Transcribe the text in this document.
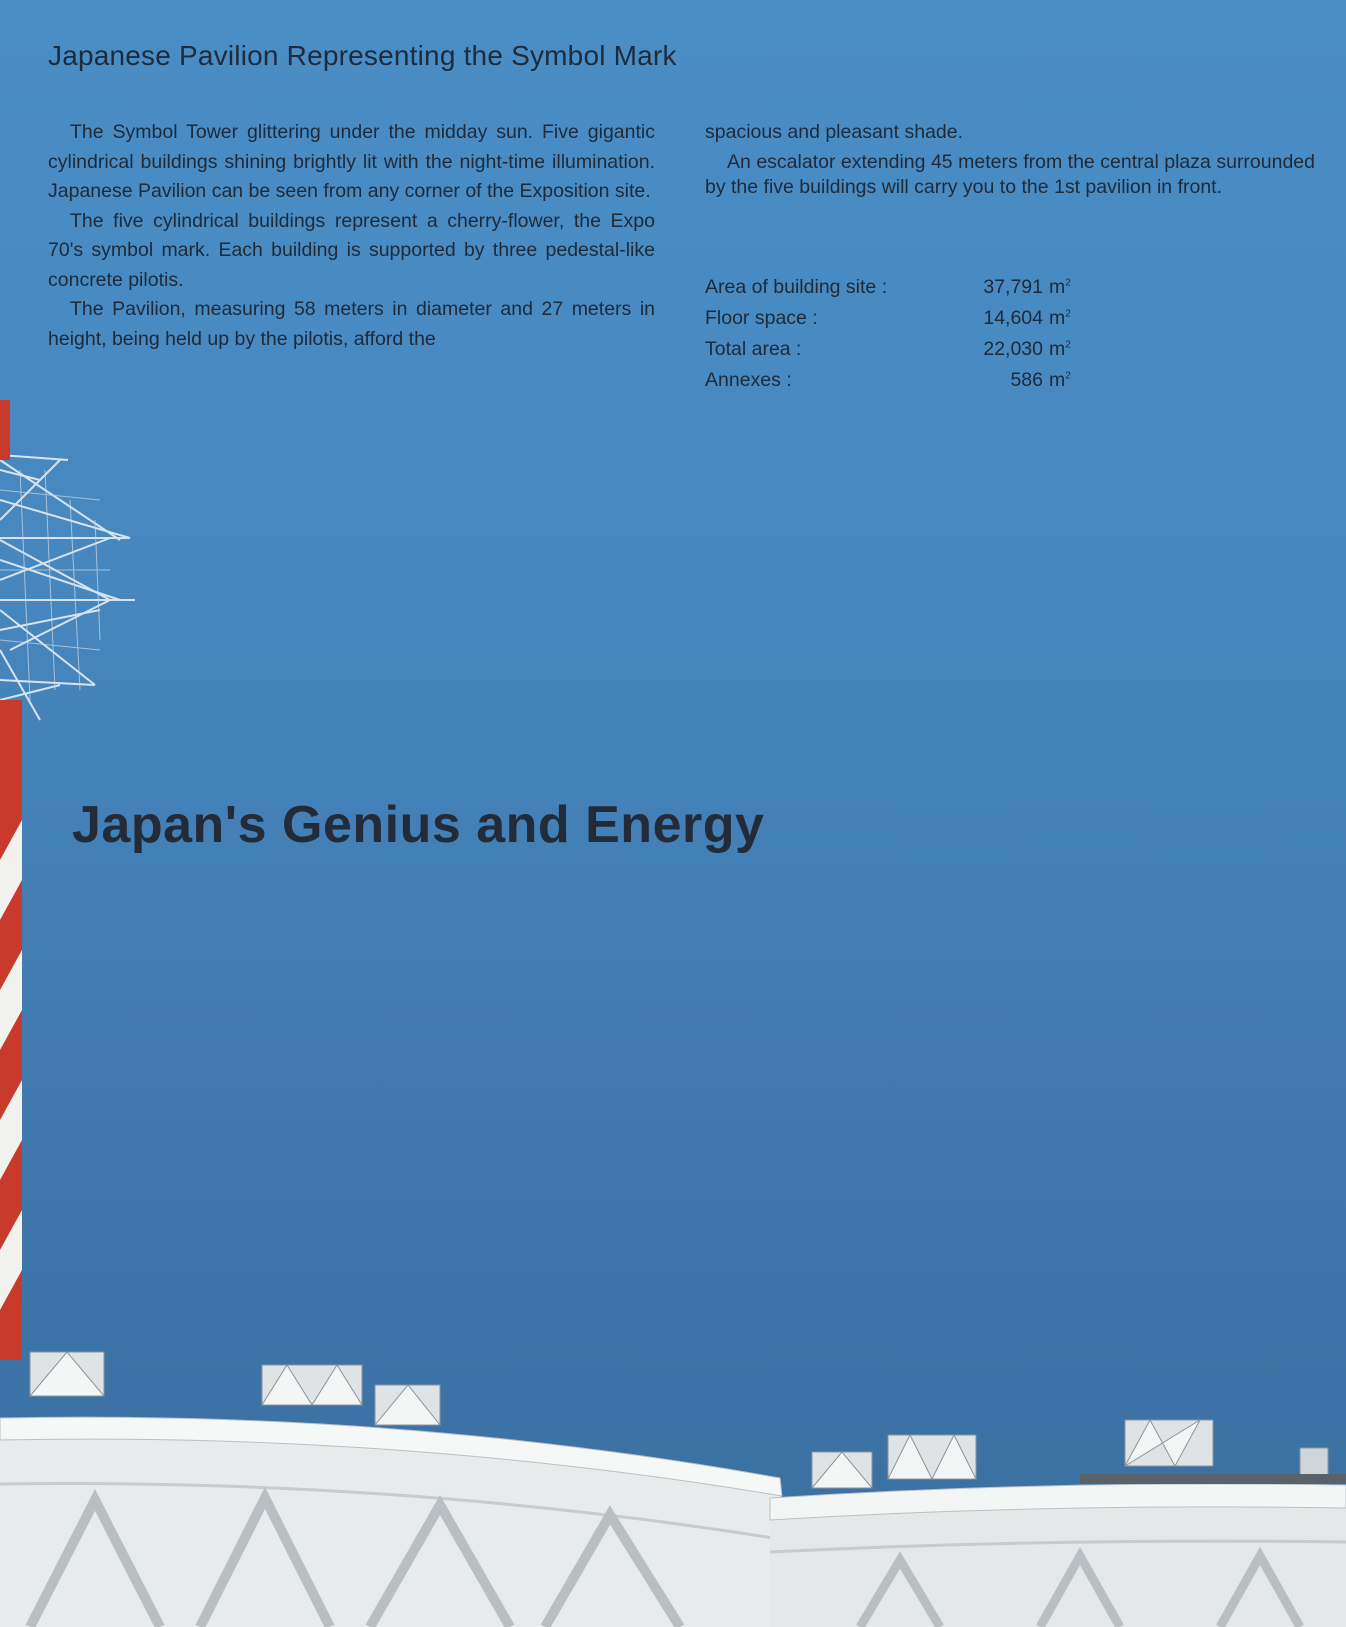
Japanese Pavilion Representing the Symbol Mark

The Symbol Tower glittering under the midday sun. Five gigantic cylindrical buildings shining brightly lit with the night-time illumination. Japanese Pavilion can be seen from any corner of the Exposition site.

The five cylindrical buildings represent a cherry-flower, the Expo 70's symbol mark. Each building is supported by three pedestal-like concrete pilotis.

The Pavilion, measuring 58 meters in diameter and 27 meters in height, being held up by the pilotis, afford the

spacious and pleasant shade.

An escalator extending 45 meters from the central plaza surrounded by the five buildings will carry you to the 1st pavilion in front.

Area of building site :	37,791	$m^2$
Floor space :	14,604	$m^2$
Total area :	22,030	$m^2$
Annexes :	586	$m^2$
Japan's Genius and Energy
